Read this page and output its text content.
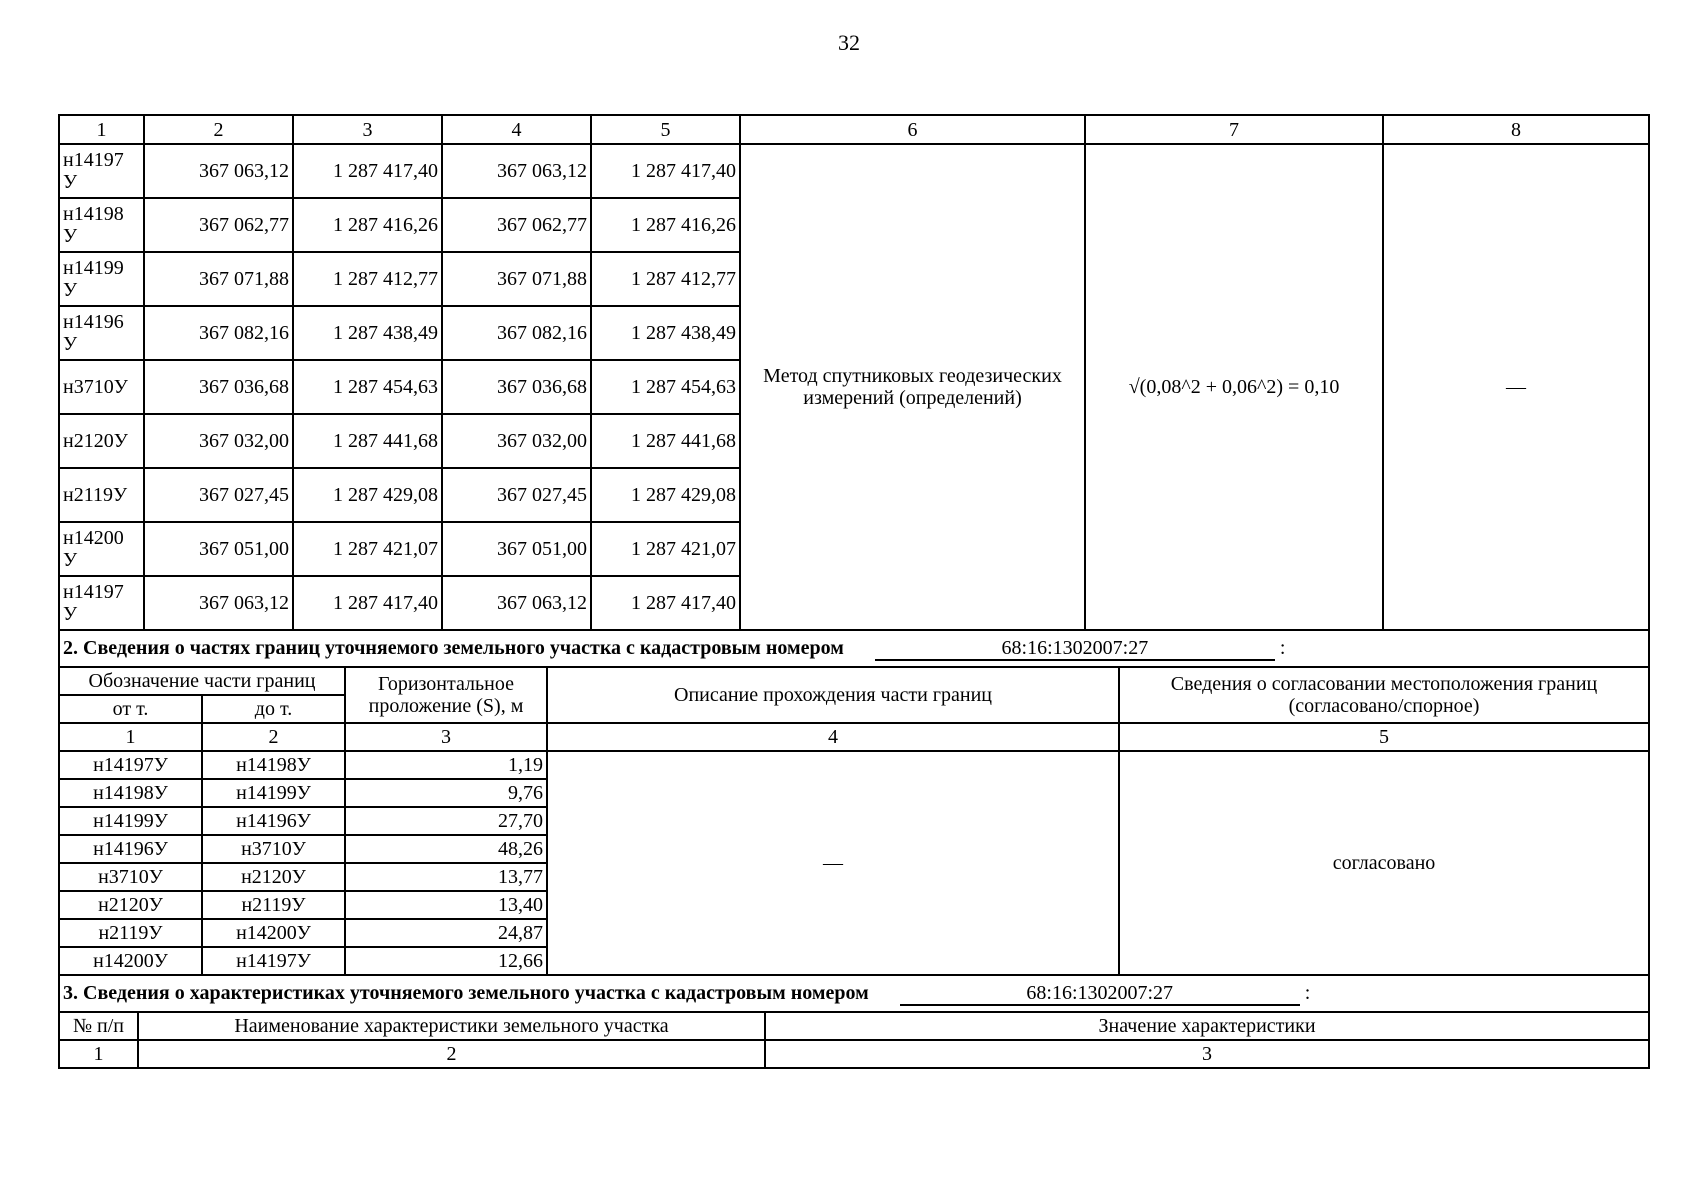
32
1	2	3	4	5	6	7	8
н14197 У	367 063,12	1 287 417,40	367 063,12	1 287 417,40	Метод спутниковых геодезических измерений (определений)	√(0,08^2 + 0,06^2) = 0,10	—
н14198 У	367 062,77	1 287 416,26	367 062,77	1 287 416,26			
н14199 У	367 071,88	1 287 412,77	367 071,88	1 287 412,77			
н14196 У	367 082,16	1 287 438,49	367 082,16	1 287 438,49			
н3710У	367 036,68	1 287 454,63	367 036,68	1 287 454,63			
н2120У	367 032,00	1 287 441,68	367 032,00	1 287 441,68			
н2119У	367 027,45	1 287 429,08	367 027,45	1 287 429,08			
н14200 У	367 051,00	1 287 421,07	367 051,00	1 287 421,07			
н14197 У	367 063,12	1 287 417,40	367 063,12	1 287 417,40			
2. Сведения о частях границ уточняемого земельного участка с кадастровым номером 68:16:1302007:27 :				
Обозначение части границ		Горизонтальное проложение (S), м	Описание прохождения части границ	Сведения о согласовании местоположения границ (согласовано/спорное)
от т.	до т.			
1	2	3	4	5
н14197У	н14198У	1,19	—	согласовано
н14198У	н14199У	9,76		
н14199У	н14196У	27,70		
н14196У	н3710У	48,26		
н3710У	н2120У	13,77		
н2120У	н2119У	13,40		
н2119У	н14200У	24,87		
н14200У	н14197У	12,66		
3. Сведения о характеристиках уточняемого земельного участка с кадастровым номером 68:16:1302007:27 :		
№ п/п	Наименование характеристики земельного участка	Значение характеристики
1	2	3
